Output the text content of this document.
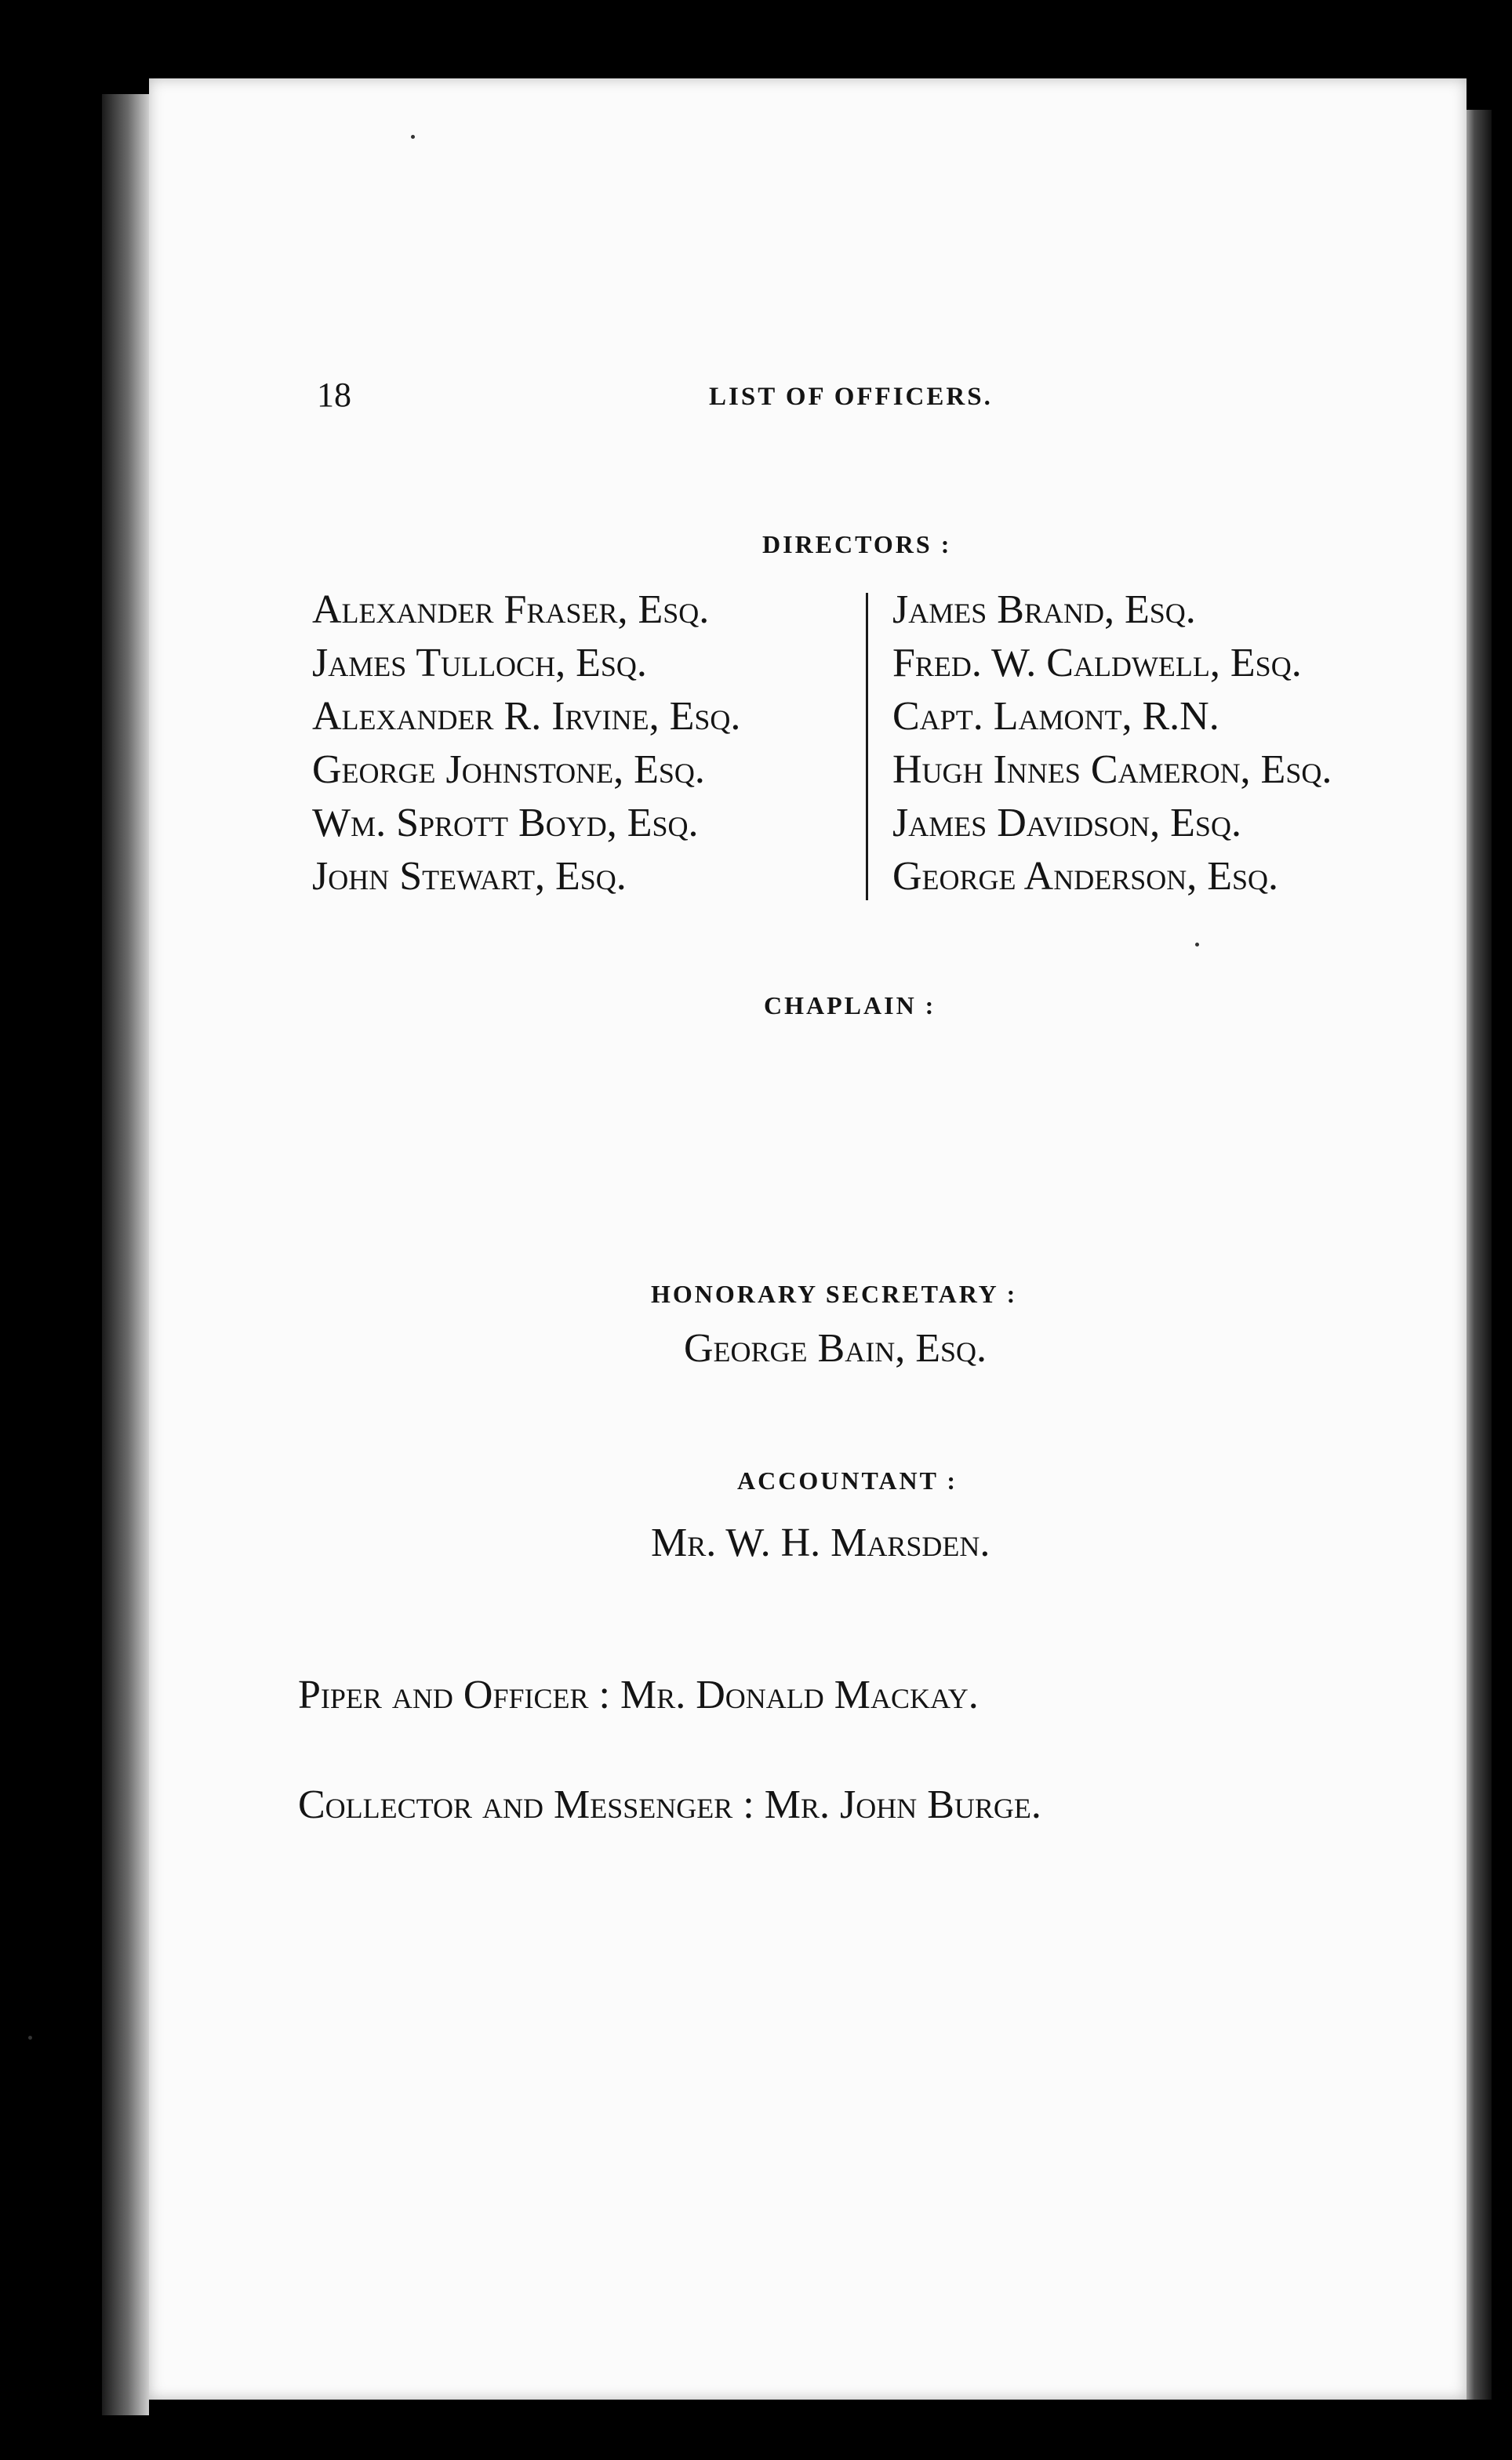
18	LIST OF OFFICERS.

DIRECTORS :

Alexander Fraser, Esq.
James Tulloch, Esq.
Alexander R. Irvine, Esq.
George Johnstone, Esq.
Wm. Sprott Boyd, Esq.
John Stewart, Esq.
James Brand, Esq.
Fred. W. Caldwell, Esq.
Capt. Lamont, R.N.
Hugh Innes Cameron, Esq.
James Davidson, Esq.
George Anderson, Esq.

CHAPLAIN :

HONORARY SECRETARY :

George Bain, Esq.

ACCOUNTANT :

Mr. W. H. Marsden.

Piper and Officer : Mr. Donald Mackay.

Collector and Messenger : Mr. John Burge.
